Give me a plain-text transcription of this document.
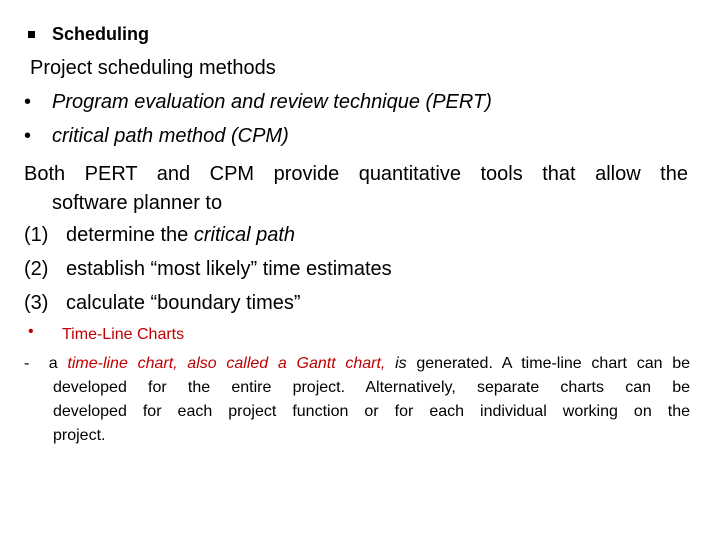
Scheduling
Project scheduling methods
• Program evaluation and review technique (PERT)
• critical path method (CPM)
Both PERT and CPM provide quantitative tools that allow the
software planner to
(1) determine the critical path
(2) establish “most likely” time estimates
(3) calculate “boundary times”
• Time-Line Charts
- a time-line chart, also called a Gantt chart, is generated. A time-line chart can be
developed for the entire project. Alternatively, separate charts can be
developed for each project function or for each individual working on the
project.
